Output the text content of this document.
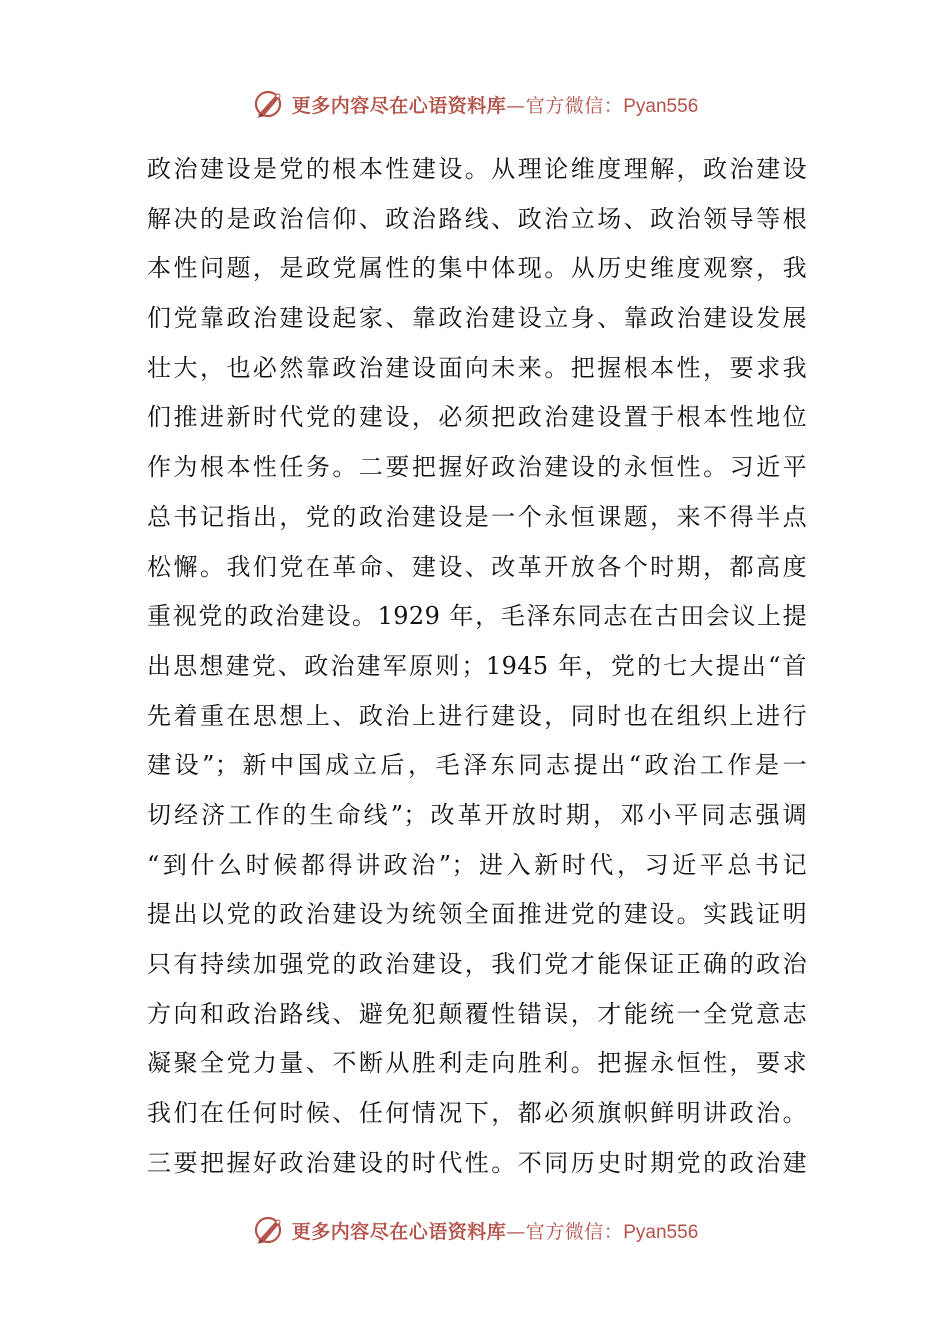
更多内容尽在心语资料库—官方微信：Pyan556
政治建设是党的根本性建设。从理论维度理解，政治建设
解决的是政治信仰、政治路线、政治立场、政治领导等根
本性问题，是政党属性的集中体现。从历史维度观察，我
们党靠政治建设起家、靠政治建设立身、靠政治建设发展
壮大，也必然靠政治建设面向未来。把握根本性，要求我
们推进新时代党的建设，必须把政治建设置于根本性地位
作为根本性任务。二要把握好政治建设的永恒性。习近平
总书记指出，党的政治建设是一个永恒课题，来不得半点
松懈。我们党在革命、建设、改革开放各个时期，都高度
重视党的政治建设。1929 年，毛泽东同志在古田会议上提
出思想建党、政治建军原则；1945 年，党的七大提出“首
先着重在思想上、政治上进行建设，同时也在组织上进行
建设”；新中国成立后，毛泽东同志提出“政治工作是一
切经济工作的生命线”；改革开放时期，邓小平同志强调
“到什么时候都得讲政治”；进入新时代，习近平总书记
提出以党的政治建设为统领全面推进党的建设。实践证明
只有持续加强党的政治建设，我们党才能保证正确的政治
方向和政治路线、避免犯颠覆性错误，才能统一全党意志
凝聚全党力量、不断从胜利走向胜利。把握永恒性，要求
我们在任何时候、任何情况下，都必须旗帜鲜明讲政治。
三要把握好政治建设的时代性。不同历史时期党的政治建
更多内容尽在心语资料库—官方微信：Pyan556
